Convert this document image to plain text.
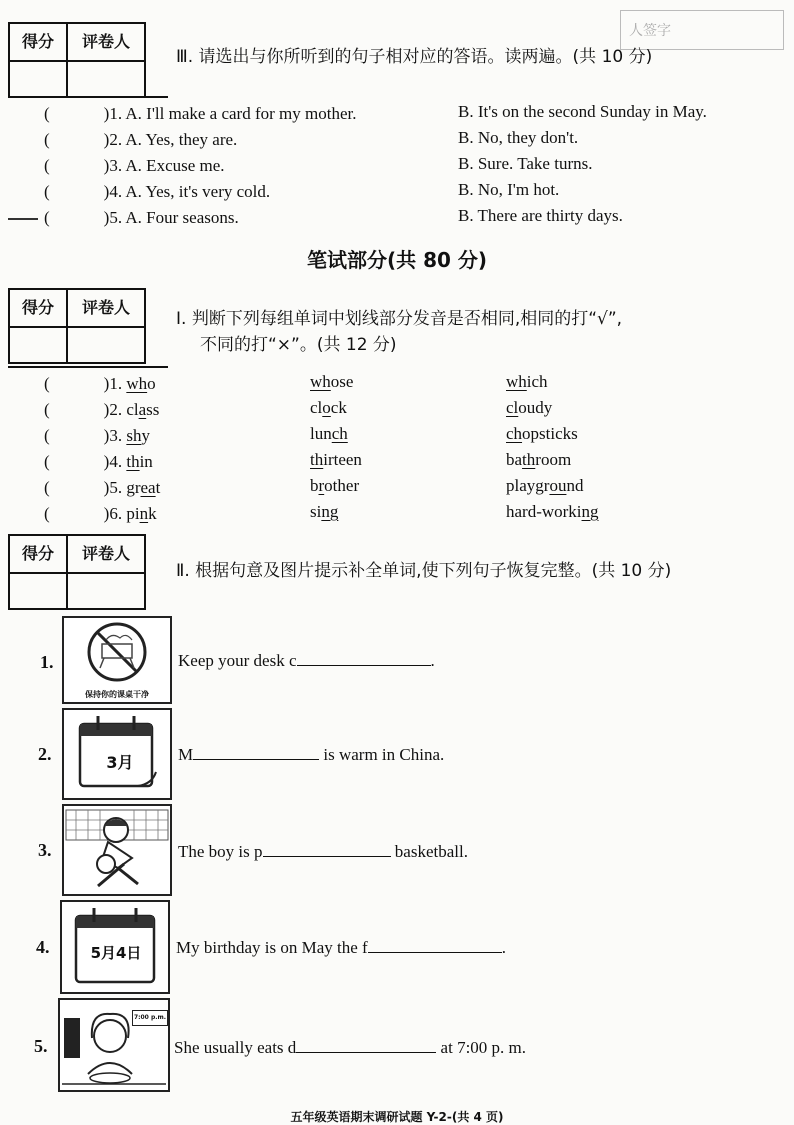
人签字
得分	评卷人
Ⅲ. 请选出与你所听到的句子相对应的答语。读两遍。(共 10 分)
(	)1. A. I'll make a card for my mother.	B. It's on the second Sunday in May.
(	)2. A. Yes, they are.	B. No, they don't.
(	)3. A. Excuse me.	B. Sure. Take turns.
(	)4. A. Yes, it's very cold.	B. No, I'm hot.
(	)5. A. Four seasons.	B. There are thirty days.
笔试部分(共 80 分)
得分	评卷人
Ⅰ. 判断下列每组单词中划线部分发音是否相同,相同的打“√”,
不同的打“×”。(共 12 分)
(	)1. who	whose	which
(	)2. class	clock	cloudy
(	)3. shy	lunch	chopsticks
(	)4. thin	thirteen	bathroom
(	)5. great	brother	playground
(	)6. pink	sing	hard-working
得分	评卷人
Ⅱ. 根据句意及图片提示补全单词,使下列句子恢复完整。(共 10 分)
1.
保持你的课桌干净
Keep your desk c	.
2.	3月	M	is warm in China.
3.	The boy is p	basketball.
4.	5月4日	My birthday is on May the f	.
5.
7:00 p.m.
She usually eats d	at 7:00 p. m.
五年级英语期末调研试题 Y-2-(共 4 页)
